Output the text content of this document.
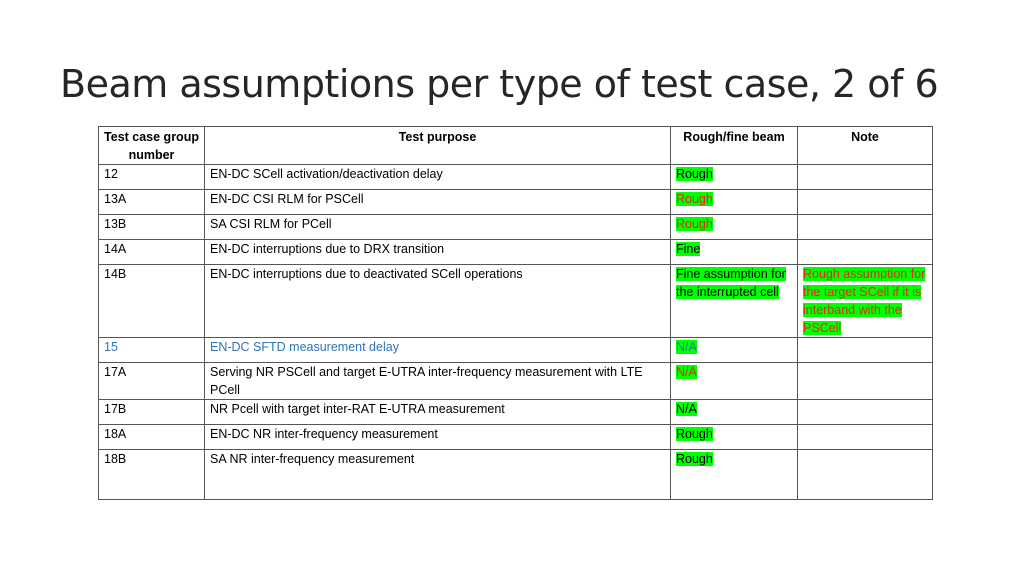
Beam assumptions per type of test case, 2 of 6
Test case group number	Test purpose	Rough/fine beam	Note
12	EN-DC SCell activation/deactivation delay	Rough	
13A	EN-DC CSI RLM for PSCell	Rough	
13B	SA CSI RLM for PCell	Rough	
14A	EN-DC interruptions due to DRX transition	Fine	
14B	EN-DC interruptions due to deactivated SCell operations	Fine assumption for the interrupted cell	Rough assumption for the target SCell if it is interband with the PSCell
15	EN-DC SFTD measurement delay	N/A	
17A	Serving NR PSCell and target E-UTRA inter-frequency measurement with LTE PCell	N/A	
17B	NR Pcell with target inter-RAT E-UTRA measurement	N/A	
18A	EN-DC NR inter-frequency measurement	Rough	
18B	SA NR inter-frequency measurement	Rough	
